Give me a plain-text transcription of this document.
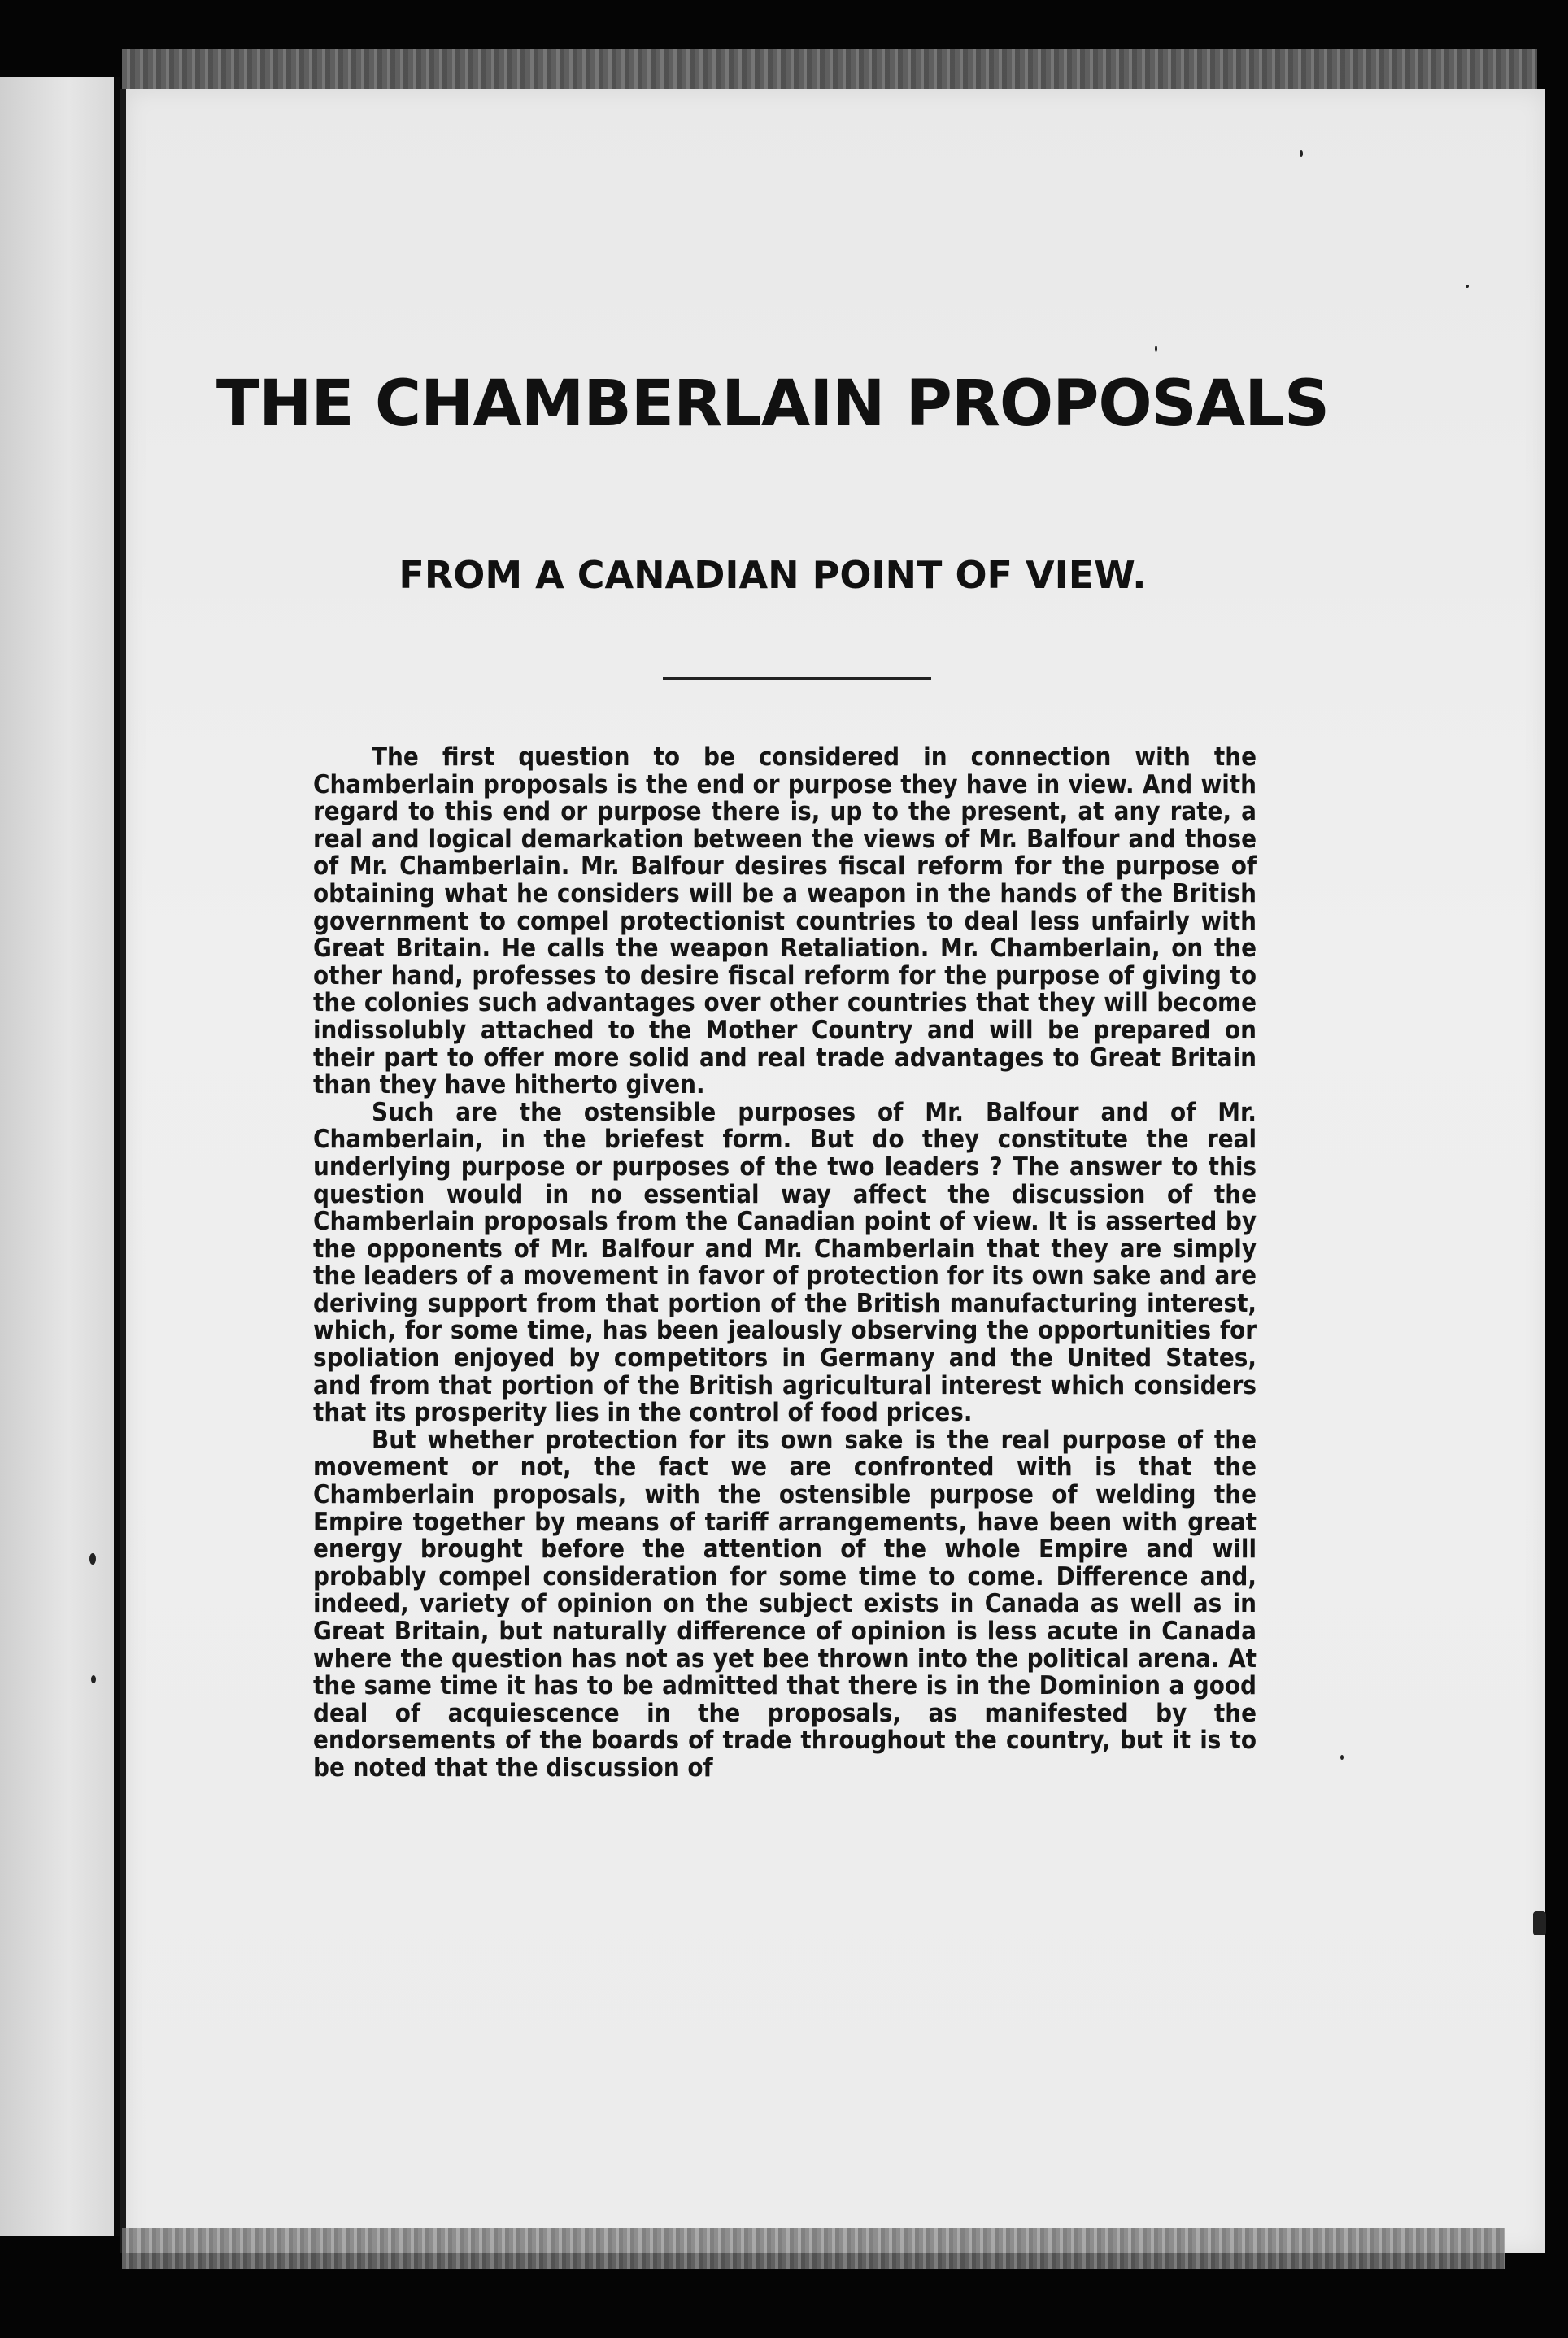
THE CHAMBERLAIN PROPOSALS
FROM A CANADIAN POINT OF VIEW.

The first question to be considered in connection with the Chamberlain proposals is the end or purpose they have in view. And with regard to this end or purpose there is, up to the present, at any rate, a real and logical demarkation between the views of Mr. Balfour and those of Mr. Chamberlain. Mr. Balfour desires fiscal reform for the purpose of obtaining what he considers will be a weapon in the hands of the British government to compel protectionist countries to deal less unfairly with Great Britain. He calls the weapon Retaliation. Mr. Chamberlain, on the other hand, professes to desire fiscal reform for the purpose of giving to the colonies such advantages over other countries that they will become indissolubly attached to the Mother Country and will be prepared on their part to offer more solid and real trade advantages to Great Britain than they have hitherto given.

Such are the ostensible purposes of Mr. Balfour and of Mr. Chamberlain, in the briefest form. But do they constitute the real underlying purpose or purposes of the two leaders ? The answer to this question would in no essential way affect the discussion of the Chamberlain proposals from the Canadian point of view. It is asserted by the opponents of Mr. Balfour and Mr. Chamberlain that they are simply the leaders of a movement in favor of protection for its own sake and are deriving support from that portion of the British manufacturing interest, which, for some time, has been jealously observing the opportunities for spoliation enjoyed by competitors in Germany and the United States, and from that portion of the British agricultural interest which considers that its prosperity lies in the control of food prices.

But whether protection for its own sake is the real purpose of the movement or not, the fact we are confronted with is that the Chamberlain proposals, with the ostensible purpose of welding the Empire together by means of tariff arrangements, have been with great energy brought before the attention of the whole Empire and will probably compel consideration for some time to come. Difference and, indeed, variety of opinion on the subject exists in Canada as well as in Great Britain, but naturally difference of opinion is less acute in Canada where the question has not as yet bee thrown into the political arena. At the same time it has to be admitted that there is in the Dominion a good deal of acquiescence in the proposals, as manifested by the endorsements of the boards of trade throughout the country, but it is to be noted that the discussion of
